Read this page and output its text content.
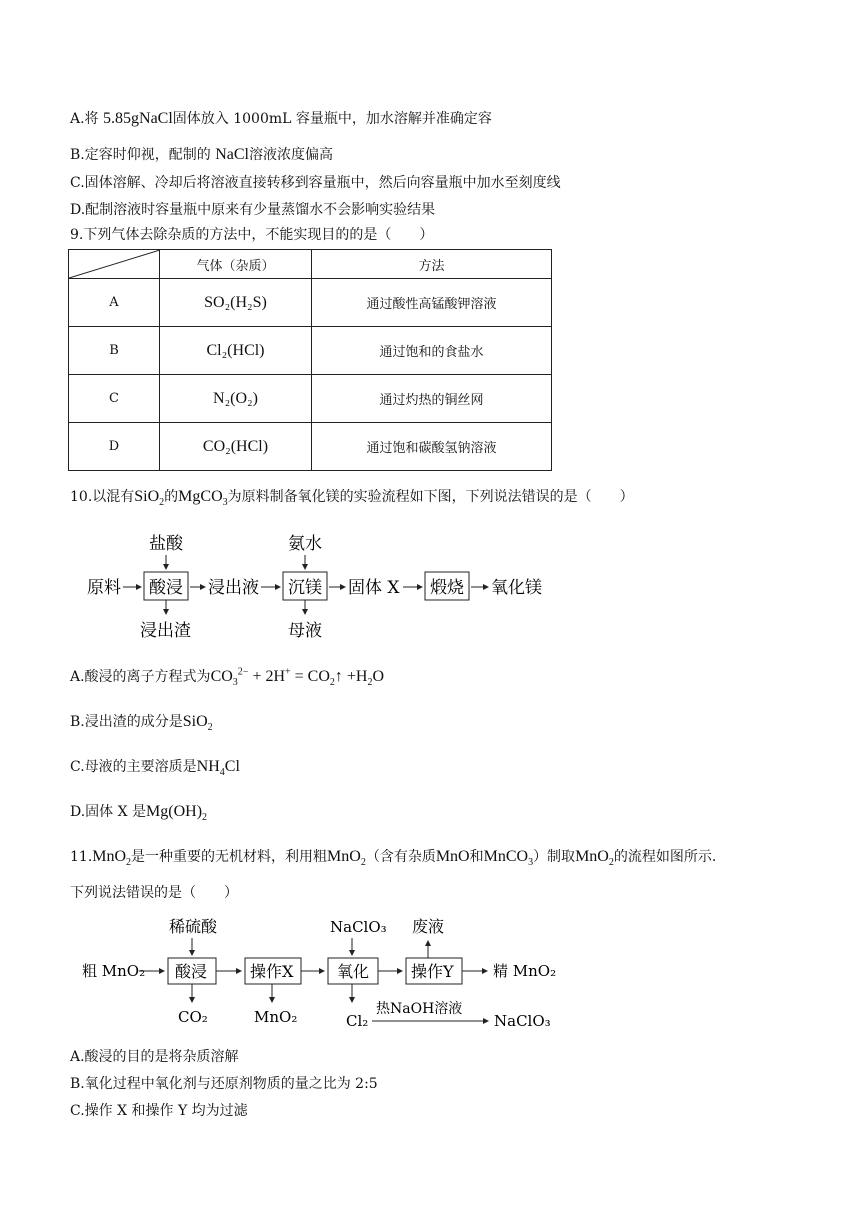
A.将 5.85gNaCl固体放入 1000mL 容量瓶中，加水溶解并准确定容
B.定容时仰视，配制的 NaCl溶液浓度偏高
C.固体溶解、冷却后将溶液直接转移到容量瓶中，然后向容量瓶中加水至刻度线
D.配制溶液时容量瓶中原来有少量蒸馏水不会影响实验结果
9.下列气体去除杂质的方法中，不能实现目的的是（　　）
	气体（杂质）	方法
A	SO₂(H₂S)	通过酸性高锰酸钾溶液
B	Cl₂(HCl)	通过饱和的食盐水
C	N₂(O₂)	通过灼热的铜丝网
D	CO₂(HCl)	通过饱和碳酸氢钠溶液
10.以混有SiO$_2$的MgCO$_3$为原料制备氧化镁的实验流程如下图，下列说法错误的是（　　）
原料 酸浸
盐酸
浸出渣
浸出液 沉镁
氨水
母液
固体 X 煅烧 氧化镁
A.酸浸的离子方程式为$CO_3^{2-} + 2H^+$ = $CO_2↑ +H_2O$
B.浸出渣的成分是SiO$_2$
C.母液的主要溶质是$NH_4Cl$
D.固体 X 是$Mg(OH)_2$
11.MnO$_2$是一种重要的无机材料，利用粗MnO$_2$（含有杂质MnO和MnCO$_3$）制取MnO$_2$的流程如图所示.
下列说法错误的是（　　）
粗 MnO₂ 酸浸
稀硫酸
CO₂
操作X
MnO₂
氧化
NaClO₃
Cl₂
热NaOH溶液
NaClO₃
操作Y
废液
精 MnO₂
A.酸浸的目的是将杂质溶解
B.氧化过程中氧化剂与还原剂物质的量之比为 2:5
C.操作 X 和操作 Y 均为过滤
